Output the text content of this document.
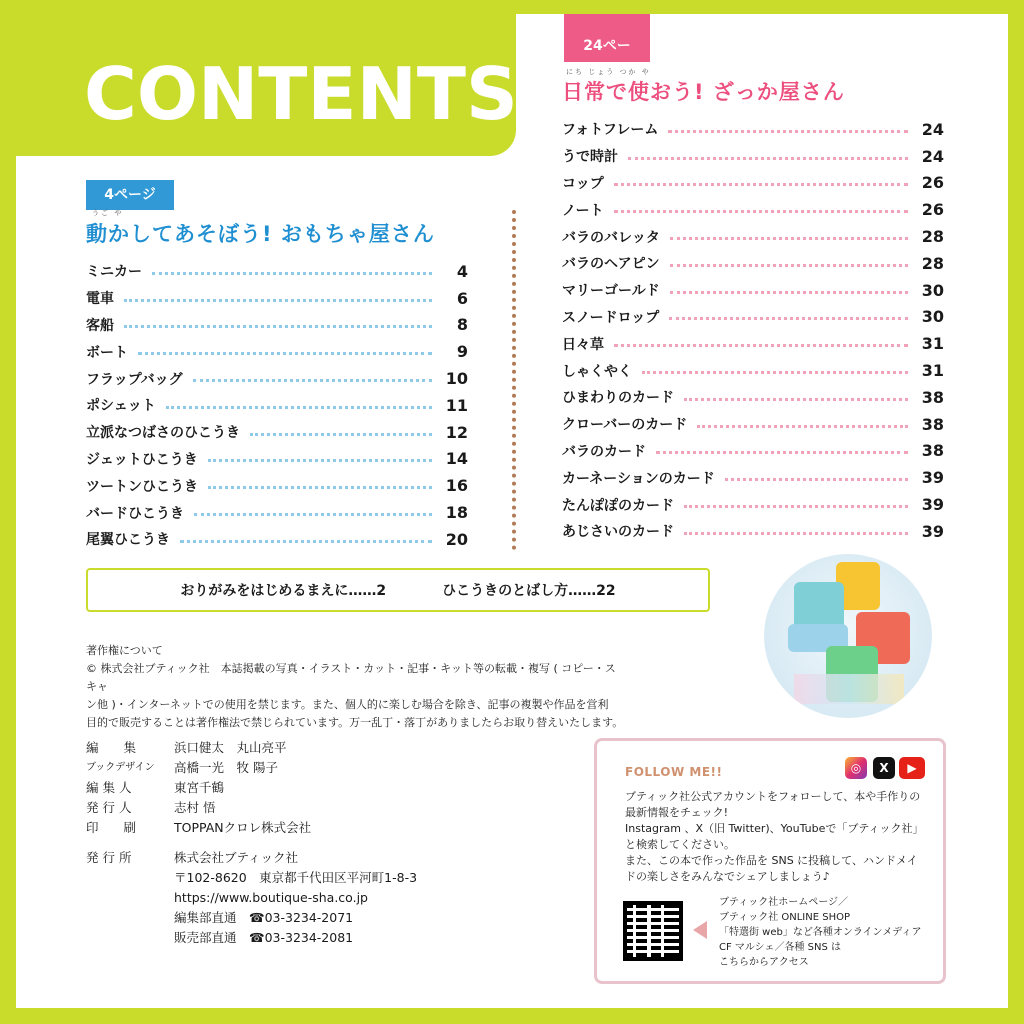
CONTENTS
4ページ
うご や
動かしてあそぼう! おもちゃ屋さん
ミニカー	4
電車	6
客船	8
ボート	9
フラップバッグ	10
ポシェット	11
立派なつばさのひこうき	12
ジェットひこうき	14
ツートンひこうき	16
バードひこうき	18
尾翼ひこうき	20
24ページ
にち じょう つか や
日常で使おう! ざっか屋さん
フォトフレーム	24
うで時計	24
コップ	26
ノート	26
バラのバレッタ	28
バラのヘアピン	28
マリーゴールド	30
スノードロップ	30
日々草	31
しゃくやく	31
ひまわりのカード	38
クローバーのカード	38
バラのカード	38
カーネーションのカード	39
たんぽぽのカード	39
あじさいのカード	39
おりがみをはじめるまえに……2	ひこうきのとばし方……22
著作権について
© 株式会社ブティック社　本誌掲載の写真・イラスト・カット・記事・キット等の転載・複写 ( コピー・スキャ
ン他 )・インターネットでの使用を禁じます。また、個人的に楽しむ場合を除き、記事の複製や作品を営利
目的で販売することは著作権法で禁じられています。万一乱丁・落丁がありましたらお取り替えいたします。
編　　集	浜口健太　丸山亮平
ブックデザイン	高橋一光　牧 陽子
編 集 人	東宮千鶴
発 行 人	志村 悟
印　　刷	TOPPANクロレ株式会社
発 行 所	株式会社ブティック社
〒102-8620　東京都千代田区平河町1-8-3
https://www.boutique-sha.co.jp
編集部直通　☎03-3234-2071
販売部直通　☎03-3234-2081
FOLLOW ME!!	◎	X	▶
ブティック社公式アカウントをフォローして、本や手作りの
最新情報をチェック!
Instagram 、X（旧 Twitter)、YouTubeで「ブティック社」
と検索してください。
また、この本で作った作品を SNS に投稿して、ハンドメイ
ドの楽しさをみんなでシェアしましょう♪
ブティック社ホームページ／
ブティック社 ONLINE SHOP
「特選街 web」など各種オンラインメディア
CF マルシェ／各種 SNS は
こちらからアクセス
